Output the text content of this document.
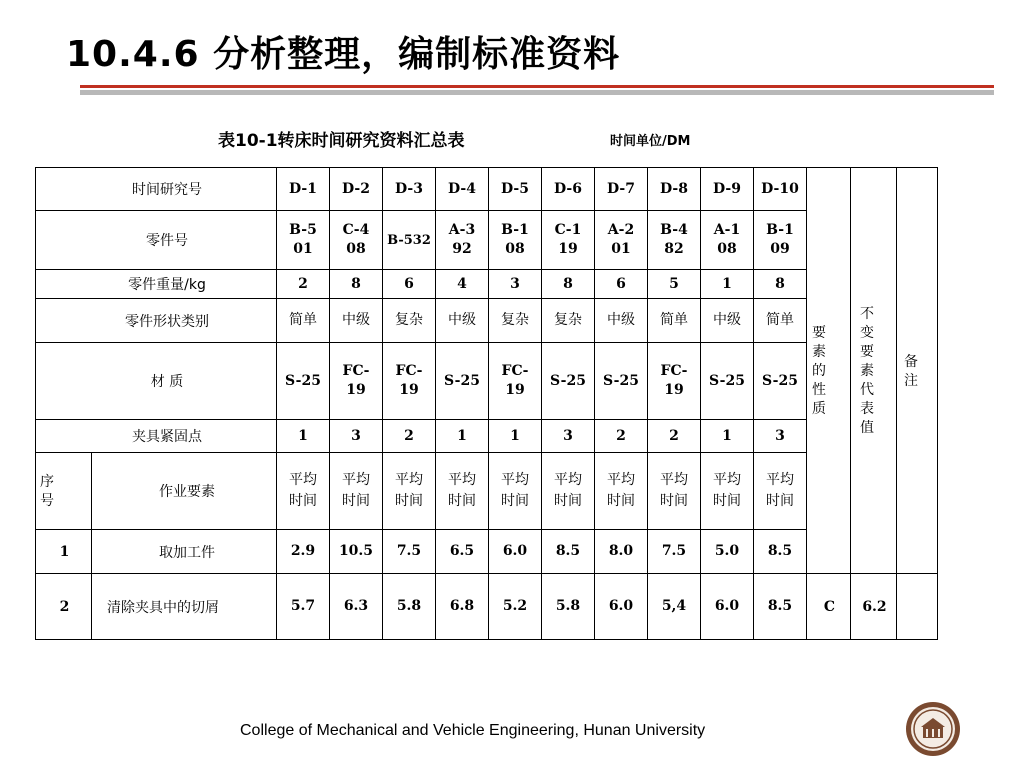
10.4.6 分析整理，编制标准资料
表10-1转床时间研究资料汇总表	时间单位/DM
时间研究号		D-1	D-2	D-3	D-4	D-5	D-6	D-7	D-8	D-9	D-10	要素的性质	不变要素代表值	备注	

零件号		B-501	C-408	B-532	A-392	B-108	C-119	A-201	B-482	A-108	B-109				

零件重量/kg		2	8	6	4	3	8	6	5	1	8				
零件形状类别		简单	中级	复杂	中级	复杂	复杂	中级	简单	中级	简单				
材 质		S-25	FC-19	FC-19	S-25	FC-19	S-25	S-25	FC-19	S-25	S-25				

夹具紧固点		1	3	2	1	1	3	2	2	1	3				

序号	作业要素	平均时间	平均时间	平均时间	平均时间	平均时间	平均时间	平均时间	平均时间	平均时间	平均时间				

1	取加工件	2.9	10.5	7.5	6.5	6.0	8.5	8.0	7.5	5.0	8.5			
2	清除夹具中的切屑	5.7	6.3	5.8	6.8	5.2	5.8	6.0	5,4	6.0	8.5	C	6.2		
College of Mechanical and Vehicle Engineering, Hunan University
